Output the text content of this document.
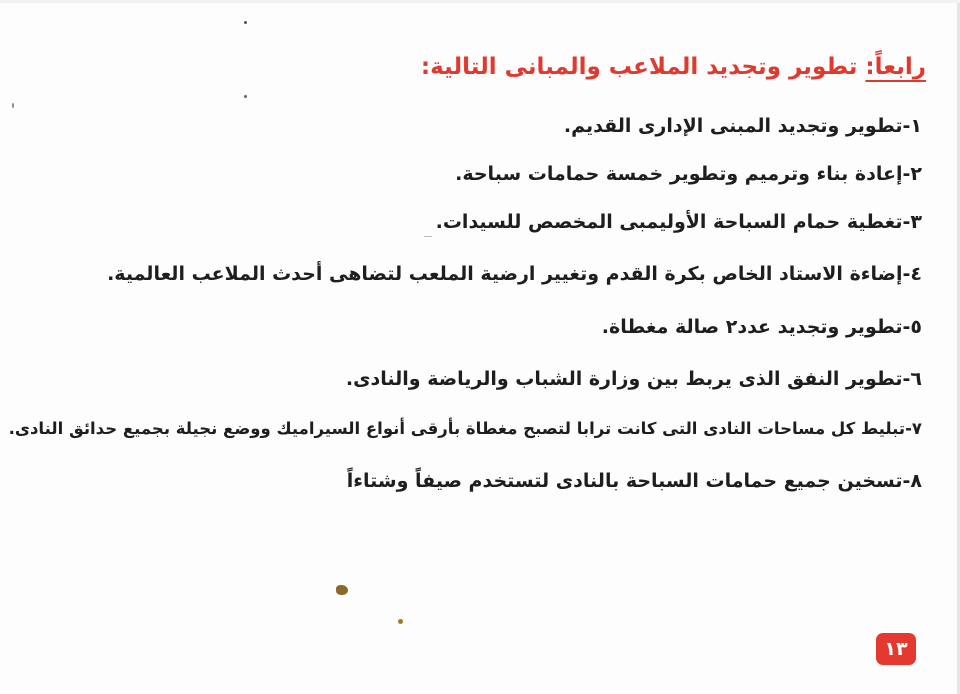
رابعاً: تطوير وتجديد الملاعب والمبانى التالية:
١-تطوير وتجديد المبنى الإدارى القديم.
٢-إعادة بناء وترميم وتطوير خمسة حمامات سباحة.
٣-تغطية حمام السباحة الأوليمبى المخصص للسيدات.
٤-إضاءة الاستاد الخاص بكرة القدم وتغيير ارضية الملعب لتضاهى أحدث الملاعب العالمية.
٥-تطوير وتجديد عدد٢ صالة مغطاة.
٦-تطوير النفق الذى يربط بين وزارة الشباب والرياضة والنادى.
٧-تبليط كل مساحات النادى التى كانت ترابا لتصبح مغطاة بأرقى أنواع السيراميك ووضع نجيلة بجميع حدائق النادى.
٨-تسخين جميع حمامات السباحة بالنادى لتستخدم صيفاً وشتاءاً
١٣
